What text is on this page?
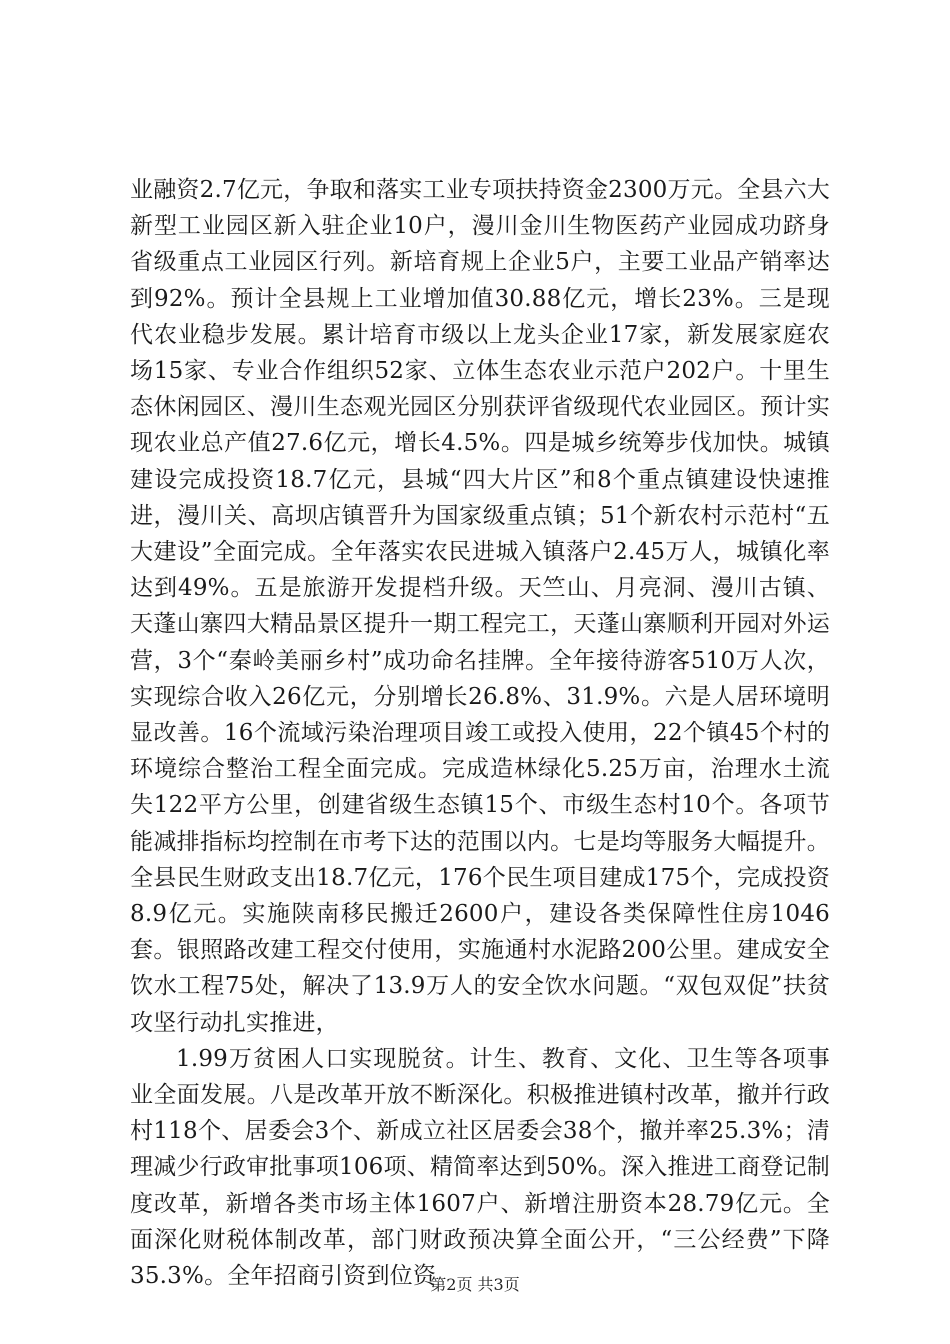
业融资2.7亿元，争取和落实工业专项扶持资金2300万元。全县六大新型工业园区新入驻企业10户，漫川金川生物医药产业园成功跻身省级重点工业园区行列。新培育规上企业5户，主要工业品产销率达到92%。预计全县规上工业增加值30.88亿元，增长23%。三是现代农业稳步发展。累计培育市级以上龙头企业17家，新发展家庭农场15家、专业合作组织52家、立体生态农业示范户202户。十里生态休闲园区、漫川生态观光园区分别获评省级现代农业园区。预计实现农业总产值27.6亿元，增长4.5%。四是城乡统筹步伐加快。城镇建设完成投资18.7亿元，县城“四大片区”和8个重点镇建设快速推进，漫川关、高坝店镇晋升为国家级重点镇；51个新农村示范村“五大建设”全面完成。全年落实农民进城入镇落户2.45万人，城镇化率达到49%。五是旅游开发提档升级。天竺山、月亮洞、漫川古镇、天蓬山寨四大精品景区提升一期工程完工，天蓬山寨顺利开园对外运营，3个“秦岭美丽乡村”成功命名挂牌。全年接待游客510万人次，实现综合收入26亿元，分别增长26.8%、31.9%。六是人居环境明显改善。16个流域污染治理项目竣工或投入使用，22个镇45个村的环境综合整治工程全面完成。完成造林绿化5.25万亩，治理水土流失122平方公里，创建省级生态镇15个、市级生态村10个。各项节能减排指标均控制在市考下达的范围以内。七是均等服务大幅提升。全县民生财政支出18.7亿元，176个民生项目建成175个，完成投资8.9亿元。实施陕南移民搬迁2600户，建设各类保障性住房1046套。银照路改建工程交付使用，实施通村水泥路200公里。建成安全饮水工程75处，解决了13.9万人的安全饮水问题。“双包双促”扶贫攻坚行动扎实推进，

1.99万贫困人口实现脱贫。计生、教育、文化、卫生等各项事业全面发展。八是改革开放不断深化。积极推进镇村改革，撤并行政村118个、居委会3个、新成立社区居委会38个，撤并率25.3%；清理减少行政审批事项106项、精简率达到50%。深入推进工商登记制度改革，新增各类市场主体1607户、新增注册资本28.79亿元。全面深化财税体制改革，部门财政预决算全面公开，“三公经费”下降35.3%。全年招商引资到位资

第2页 共3页
